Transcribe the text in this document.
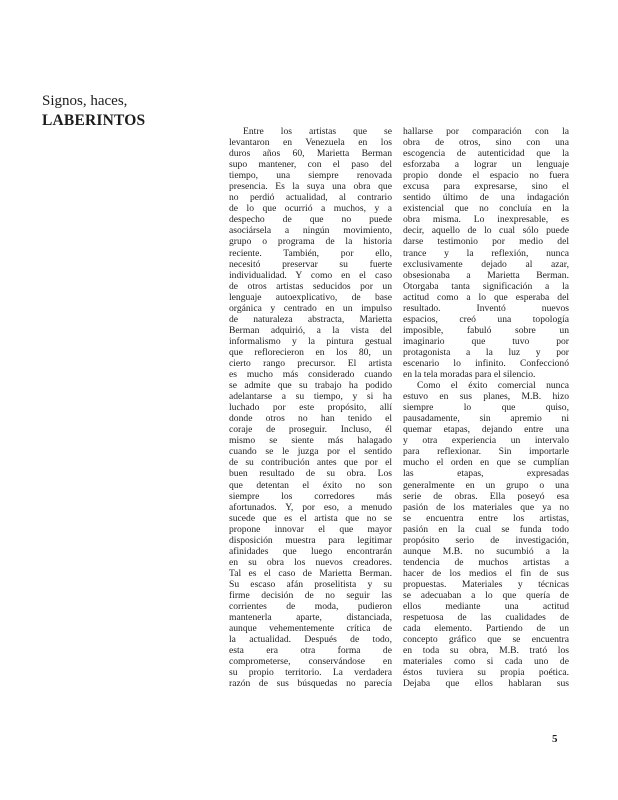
Signos, haces,
LABERINTOS
Entre los artistas que se
levantaron en Venezuela en los
duros años 60, Marietta Berman
supo mantener, con el paso del
tiempo, una siempre renovada
presencia. Es la suya una obra que
no perdió actualidad, al contrario
de lo que ocurrió a muchos, y a
despecho de que no puede
asociársela a ningún movimiento,
grupo o programa de la historia
reciente. También, por ello,
necesitó preservar su fuerte
individualidad. Y como en el caso
de otros artistas seducidos por un
lenguaje autoexplicativo, de base
orgánica y centrado en un impulso
de naturaleza abstracta, Marietta
Berman adquirió, a la vista del
informalismo y la pintura gestual
que reflorecieron en los 80, un
cierto rango precursor. El artista
es mucho más considerado cuando
se admite que su trabajo ha podido
adelantarse a su tiempo, y si ha
luchado por este propósito, allí
donde otros no han tenido el
coraje de proseguir. Incluso, él
mismo se siente más halagado
cuando se le juzga por el sentido
de su contribución antes que por el
buen resultado de su obra. Los
que detentan el éxito no son
siempre los corredores más
afortunados. Y, por eso, a menudo
sucede que es el artista que no se
propone innovar el que mayor
disposición muestra para legitimar
afinidades que luego encontrarán
en su obra los nuevos creadores.
Tal es el caso de Marietta Berman.
Su escaso afán proselitista y su
firme decisión de no seguir las
corrientes de moda, pudieron
mantenerla aparte, distanciada,
aunque vehementemente crítica de
la actualidad. Después de todo,
esta era otra forma de
comprometerse, conservándose en
su propio territorio. La verdadera
razón de sus búsquedas no parecía
hallarse por comparación con la
obra de otros, sino con una
escogencia de autenticidad que la
esforzaba a lograr un lenguaje
propio donde el espacio no fuera
excusa para expresarse, sino el
sentido último de una indagación
existencial que no concluía en la
obra misma. Lo inexpresable, es
decir, aquello de lo cual sólo puede
darse testimonio por medio del
trance y la reflexión, nunca
exclusivamente dejado al azar,
obsesionaba a Marietta Berman.
Otorgaba tanta significación a la
actitud como a lo que esperaba del
resultado. Inventó nuevos
espacios, creó una topología
imposible, fabuló sobre un
imaginario que tuvo por
protagonista a la luz y por
escenario lo infinito. Confeccionó
en la tela moradas para el silencio.
Como el éxito comercial nunca
estuvo en sus planes, M.B. hizo
siempre lo que quiso,
pausadamente, sin apremio ni
quemar etapas, dejando entre una
y otra experiencia un intervalo
para reflexionar. Sin importarle
mucho el orden en que se cumplían
las etapas, expresadas
generalmente en un grupo o una
serie de obras. Ella poseyó esa
pasión de los materiales que ya no
se encuentra entre los artistas,
pasión en la cual se funda todo
propósito serio de investigación,
aunque M.B. no sucumbió a la
tendencia de muchos artistas a
hacer de los medios el fin de sus
propuestas. Materiales y técnicas
se adecuaban a lo que quería de
ellos mediante una actitud
respetuosa de las cualidades de
cada elemento. Partiendo de un
concepto gráfico que se encuentra
en toda su obra, M.B. trató los
materiales como si cada uno de
éstos tuviera su propia poética.
Dejaba que ellos hablaran sus
5
